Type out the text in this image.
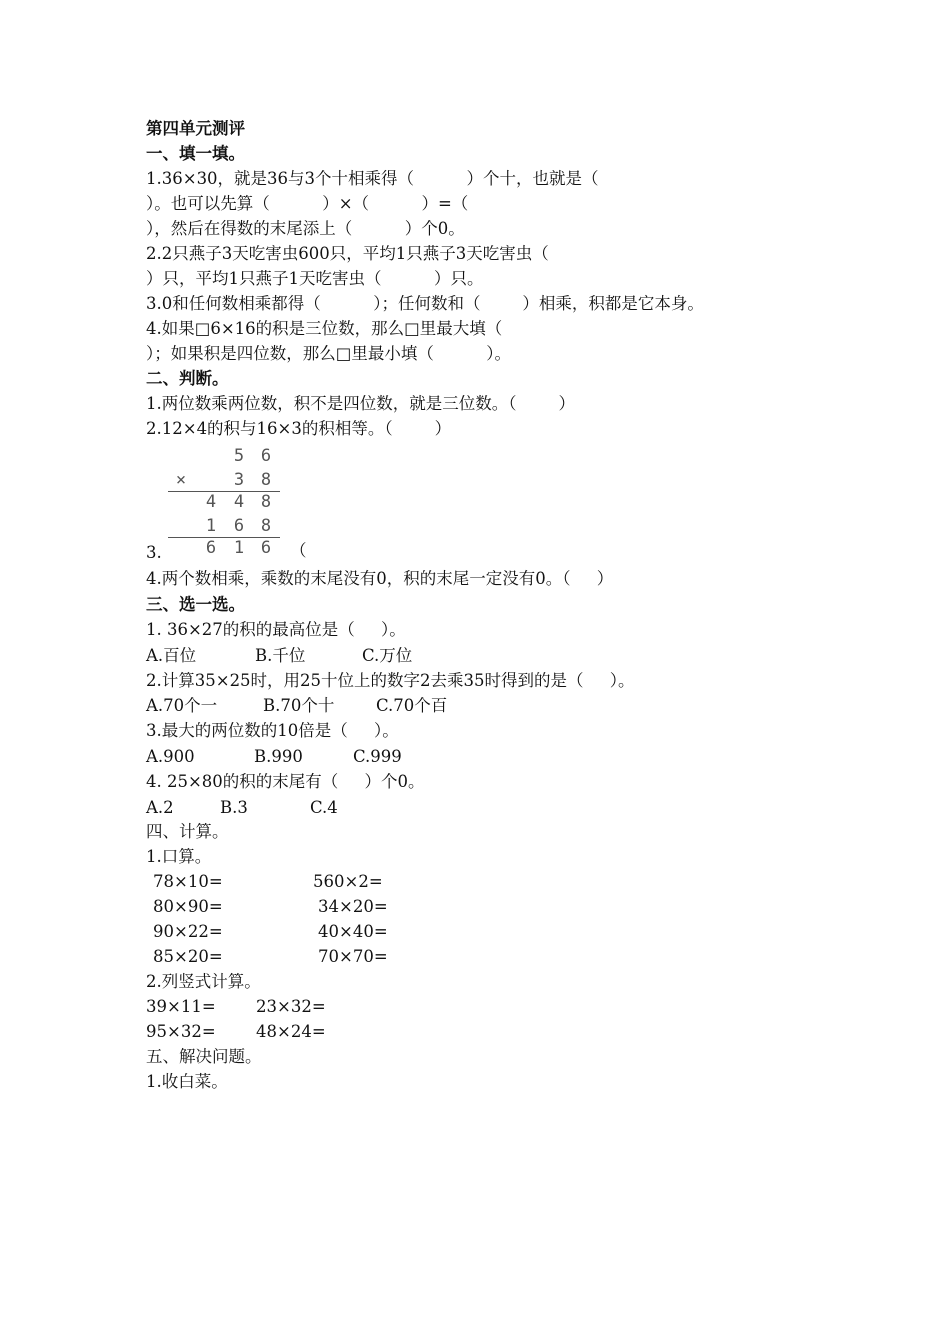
第四单元测评
一、填一填。
1.36×30，就是36与3个十相乘得（          ）个十，也就是（
）。也可以先算（          ）×（          ）=（
），然后在得数的末尾添上（          ）个0。
2.2只燕子3天吃害虫600只，平均1只燕子3天吃害虫（
）只，平均1只燕子1天吃害虫（          ）只。
3.0和任何数相乘都得（          ）；任何数和（        ）相乘，积都是它本身。
4.如果□6×16的积是三位数，那么□里最大填（
）；如果积是四位数，那么□里最小填（          ）。
二、判断。
1.两位数乘两位数，积不是四位数，就是三位数。（        ）
2.12×4的积与16×3的积相等。（        ）
5 6
×	3 8
4 4 8
1 6 8
6 1 6
3.	（
4.两个数相乘，乘数的末尾没有0，积的末尾一定没有0。（     ）
三、选一选。
1. 36×27的积的最高位是（     ）。
A.百位	B.千位	C.万位
2.计算35×25时，用25十位上的数字2去乘35时得到的是（     ）。
A.70个一	B.70个十	C.70个百
3.最大的两位数的10倍是（     ）。
A.900	B.990	C.999
4. 25×80的积的末尾有（     ）个0。
A.2	B.3	C.4
四、计算。
1.口算。
78×10=	560×2=
80×90=	34×20=
90×22=	40×40=
85×20=	70×70=
2.列竖式计算。
39×11= 23×32=
95×32= 48×24=
五、解决问题。
1.收白菜。
